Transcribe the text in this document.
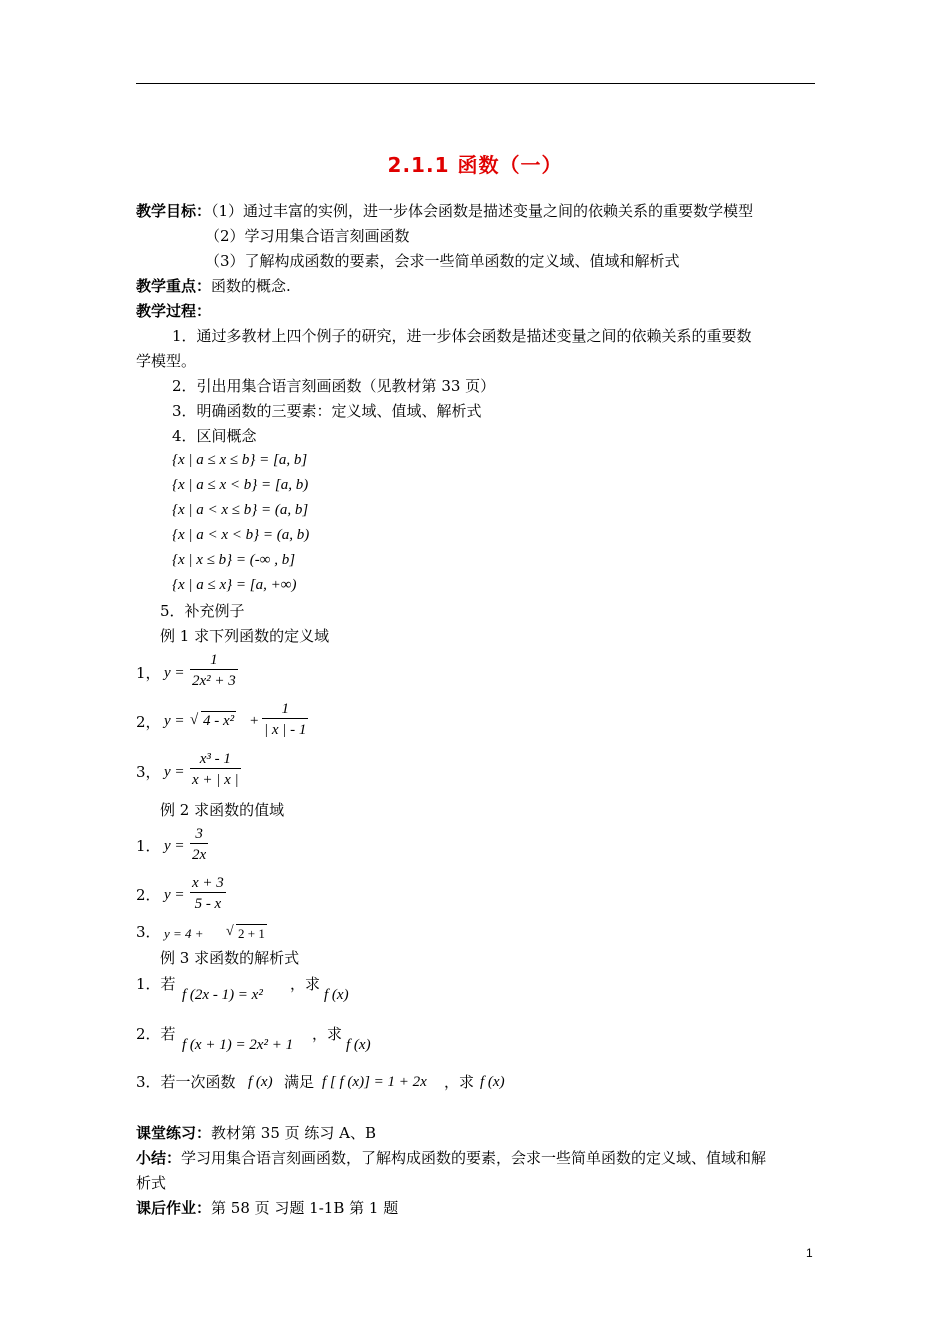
2.1.1 函数（一）
教学目标：（1）通过丰富的实例，进一步体会函数是描述变量之间的依赖关系的重要数学模型
（2）学习用集合语言刻画函数
（3）了解构成函数的要素，会求一些简单函数的定义域、值域和解析式
教学重点：函数的概念.
教学过程：
1．通过多教材上四个例子的研究，进一步体会函数是描述变量之间的依赖关系的重要数
学模型。
2．引出用集合语言刻画函数（见教材第 33 页）
3．明确函数的三要素：定义域、值域、解析式
4．区间概念
{x | a ≤ x ≤ b} = [a, b]
{x | a ≤ x < b} = [a, b)
{x | a < x ≤ b} = (a, b]
{x | a < x < b} = (a, b)
{x | x ≤ b} = (-∞ , b]
{x | a ≤ x} = [a, +∞)
5．补充例子
例 1 求下列函数的定义域
1， $y = \frac{1}{\text{2x² + 3}}$
2， y = √ $4 - x^2 + \frac{1}{| x | - 1}$
3， $y = \frac{\text{x³ - 1}}{x + | x |}$
例 2 求函数的值域
1． $y = \frac{3}{2x}$
2． $y = \frac{x + 3}{5 - x}$
3． y = 4 + √ 2 + 1
例 3 求函数的解析式
1．若
f (2x - 1) = x²
，求
f (x)
2．若
f (x + 1) = 2x² + 1
，求
f (x)
3．若一次函数 f (x) 满足 f [ f (x)] = 1 + 2x ，求 f (x)
课堂练习：教材第 35 页 练习 A、B
小结：学习用集合语言刻画函数，了解构成函数的要素，会求一些简单函数的定义域、值域和解
析式
课后作业：第 58 页 习题 1-1B 第 1 题
1
